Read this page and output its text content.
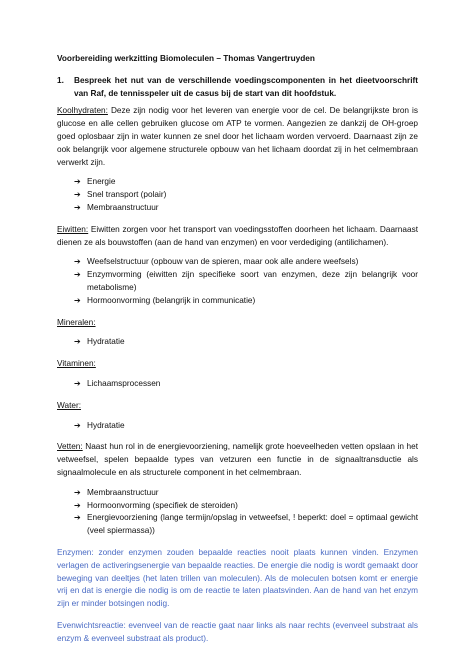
Voorbereiding werkzitting Biomoleculen – Thomas Vangertruyden

1.	Bespreek het nut van de verschillende voedingscomponenten in het dieetvoorschrift van Raf, de tennisspeler uit de casus bij de start van dit hoofdstuk.

Koolhydraten: Deze zijn nodig voor het leveren van energie voor de cel. De belangrijkste bron is glucose en alle cellen gebruiken glucose om ATP te vormen. Aangezien ze dankzij de OH-groep goed oplosbaar zijn in water kunnen ze snel door het lichaam worden vervoerd. Daarnaast zijn ze ook belangrijk voor algemene structurele opbouw van het lichaam doordat zij in het celmembraan verwerkt zijn.

➔ Energie
➔ Snel transport (polair)
➔ Membraanstructuur

Eiwitten: Eiwitten zorgen voor het transport van voedingsstoffen doorheen het lichaam. Daarnaast dienen ze als bouwstoffen (aan de hand van enzymen) en voor verdediging (antilichamen).

➔ Weefselstructuur (opbouw van de spieren, maar ook alle andere weefsels)
➔ Enzymvorming (eiwitten zijn specifieke soort van enzymen, deze zijn belangrijk voor metabolisme)
➔ Hormoonvorming (belangrijk in communicatie)

Mineralen:

➔ Hydratatie

Vitaminen:

➔ Lichaamsprocessen

Water:

➔ Hydratatie

Vetten: Naast hun rol in de energievoorziening, namelijk grote hoeveelheden vetten opslaan in het vetweefsel, spelen bepaalde types van vetzuren een functie in de signaaltransductie als signaalmolecule en als structurele component in het celmembraan.

➔ Membraanstructuur
➔ Hormoonvorming (specifiek de steroiden)
➔ Energievoorziening (lange termijn/opslag in vetweefsel, ! beperkt: doel = optimaal gewicht (veel spiermassa))

Enzymen: zonder enzymen zouden bepaalde reacties nooit plaats kunnen vinden. Enzymen verlagen de activeringsenergie van bepaalde reacties. De energie die nodig is wordt gemaakt door beweging van deeltjes (het laten trillen van moleculen). Als de moleculen botsen komt er energie vrij en dat is energie die nodig is om de reactie te laten plaatsvinden. Aan de hand van het enzym zijn er minder botsingen nodig.

Evenwichtsreactie: evenveel van de reactie gaat naar links als naar rechts (evenveel substraat als enzym & evenveel substraat als product).
